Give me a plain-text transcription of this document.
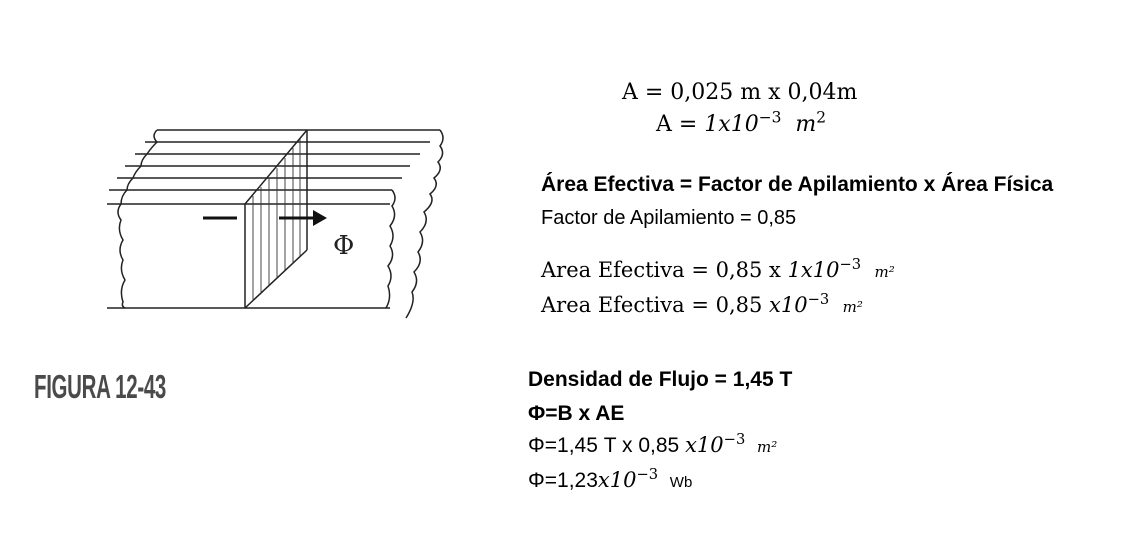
Φ
FIGURA 12-43
A = 0,025 m x 0,04m
$A = 1x10^{-3}$ $m^2$
Área Efectiva = Factor de Apilamiento x Área Física
Factor de Apilamiento = 0,85
Area Efectiva = 0,85 x $1x10^{-3}$ m²
Area Efectiva = 0,85 $x10^{-3}$ m²
Densidad de Flujo = 1,45 T
Φ=B x AE
Φ=1,45 T x 0,85 $x10^{-3}$ m²
$\Phi=1,23x10^{-3}$ Wb
